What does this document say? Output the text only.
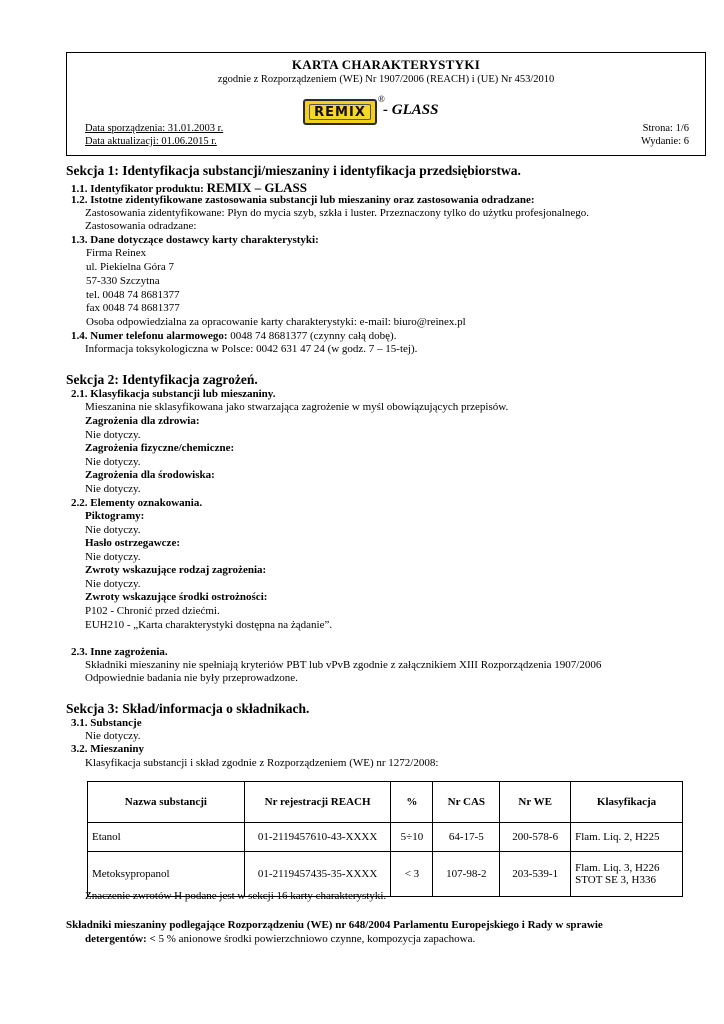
KARTA CHARAKTERYSTYKI
zgodnie z Rozporządzeniem (WE) Nr 1907/2006 (REACH) i (UE) Nr 453/2010
REMIX
®
- GLASS
Data sporządzenia: 31.01.2003 r.
Data aktualizacji: 01.06.2015 r.
Strona: 1/6
Wydanie: 6
Sekcja 1: Identyfikacja substancji/mieszaniny i identyfikacja przedsiębiorstwa.
1.1. Identyfikator produktu: REMIX – GLASS
1.2. Istotne zidentyfikowane zastosowania substancji lub mieszaniny oraz zastosowania odradzane:
Zastosowania zidentyfikowane: Płyn do mycia szyb, szkła i luster. Przeznaczony tylko do użytku profesjonalnego.
Zastosowania odradzane:
1.3. Dane dotyczące dostawcy karty charakterystyki:
Firma Reinex
ul. Piekielna Góra 7
57-330 Szczytna
tel. 0048 74 8681377
fax 0048 74 8681377
Osoba odpowiedzialna za opracowanie karty charakterystyki: e-mail: biuro@reinex.pl
1.4. Numer telefonu alarmowego: 0048 74 8681377 (czynny całą dobę).
Informacja toksykologiczna w Polsce: 0042 631 47 24 (w godz. 7 – 15-tej).
Sekcja 2: Identyfikacja zagrożeń.
2.1. Klasyfikacja substancji lub mieszaniny.
Mieszanina nie sklasyfikowana jako stwarzająca zagrożenie w myśl obowiązujących przepisów.
Zagrożenia dla zdrowia:
Nie dotyczy.
Zagrożenia fizyczne/chemiczne:
Nie dotyczy.
Zagrożenia dla środowiska:
Nie dotyczy.
2.2. Elementy oznakowania.
Piktogramy:
Nie dotyczy.
Hasło ostrzegawcze:
Nie dotyczy.
Zwroty wskazujące rodzaj zagrożenia:
Nie dotyczy.
Zwroty wskazujące środki ostrożności:
P102 - Chronić przed dziećmi.
EUH210 - „Karta charakterystyki dostępna na żądanie”.
2.3. Inne zagrożenia.
Składniki mieszaniny nie spełniają kryteriów PBT lub vPvB zgodnie z załącznikiem XIII Rozporządzenia 1907/2006
Odpowiednie badania nie były przeprowadzone.
Sekcja 3: Skład/informacja o składnikach.
3.1. Substancje
Nie dotyczy.
3.2. Mieszaniny
Klasyfikacja substancji i skład zgodnie z Rozporządzeniem (WE) nr 1272/2008:
Nazwa substancji	Nr rejestracji REACH	%	Nr CAS	Nr WE	Klasyfikacja
Etanol	01-2119457610-43-XXXX	5÷10	64-17-5	200-578-6	Flam. Liq. 2, H225

Metoksypropanol	01-2119457435-35-XXXX	< 3	107-98-2	203-539-1	Flam. Liq. 3, H226
STOT SE 3, H336
Znaczenie zwrotów H podane jest w sekcji 16 karty charakterystyki.
Składniki mieszaniny podlegające Rozporządzeniu (WE) nr 648/2004 Parlamentu Europejskiego i Rady w sprawie
detergentów: < 5 % anionowe środki powierzchniowo czynne, kompozycja zapachowa.
